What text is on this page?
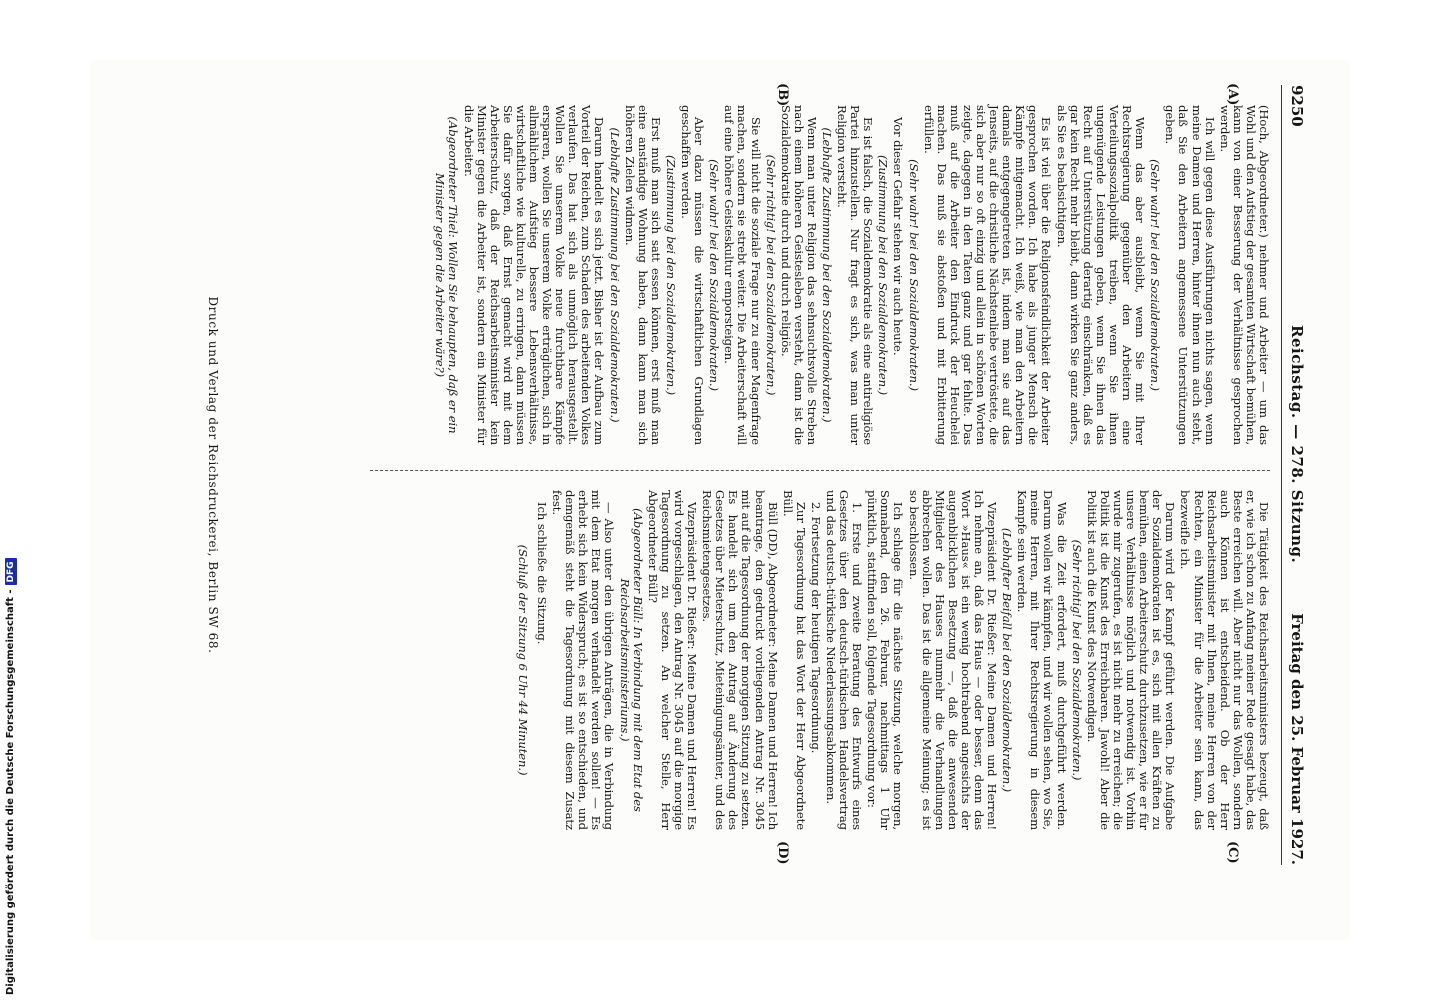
Digitalisierung gefördert durch die Deutsche Forschungsgemeinschaft -DFG
9250
Reichstag. — 278. Sitzung.
Freitag den 25. Februar 1927.
(A)
(B)
(C)
(D)

(Hoch, Abgeordneter.) nehmer und Arbeiter — um das Wohl und den Aufstieg der gesamten Wirtschaft bemühen, kann von einer Besserung der Verhältnisse gesprochen werden.

Ich will gegen diese Ausführungen nichts sagen, wenn meine Damen und Herren, hinter ihnen nun auch steht, daß Sie den Arbeitern angemessene Unterstützungen geben.

(Sehr wahr! bei den Sozialdemokraten.)

Wenn das aber ausbleibt, wenn Sie mit Ihrer Rechtsregierung gegenüber den Arbeitern eine Verteilungssozialpolitik treiben, wenn Sie ihnen ungenügende Leistungen geben, wenn Sie ihnen das Recht auf Unterstützung derartig einschränken, daß es gar kein Recht mehr bleibt, dann wirken Sie ganz anders, als Sie es beabsichtigen.

Es ist viel über die Religionsfeindlichkeit der Arbeiter gesprochen worden. Ich habe als junger Mensch die Kämpfe mitgemacht. Ich weiß, wie man den Arbeitern damals entgegengetreten ist, indem man sie auf das Jenseits, auf die christliche Nächstenliebe vertröstete, die sich aber nur so oft einzig und allein in schönen Worten zeigte, dagegen in den Taten ganz und gar fehlte. Das muß auf die Arbeiter den Eindruck der Heuchelei machen. Das muß sie abstoßen und mit Erbitterung erfüllen.

(Sehr wahr! bei den Sozialdemokraten.)

Vor dieser Gefahr stehen wir auch heute.

(Zustimmung bei den Sozialdemokraten.)

Es ist falsch, die Sozialdemokratie als eine antireligiöse Partei hinzustellen. Nur fragt es sich, was man unter Religion versteht.

(Lebhafte Zustimmung bei den Sozialdemokraten.)

Wenn man unter Religion das sehnsuchtsvolle Streben nach einem höheren Geistesleben versteht, dann ist die Sozialdemokratie durch und durch religiös.

(Sehr richtig! bei den Sozialdemokraten.)

Sie will nicht die soziale Frage nur zu einer Magenfrage machen, sondern sie strebt weiter. Die Arbeiterschaft will auf eine höhere Geisteskultur emporsteigen.

(Sehr wahr! bei den Sozialdemokraten.)

Aber dazu müssen die wirtschaftlichen Grundlagen geschaffen werden.

(Zustimmung bei den Sozialdemokraten.)

Erst muß man sich satt essen können, erst muß man eine anständige Wohnung haben, dann kann man sich höheren Zielen widmen.

(Lebhafte Zustimmung bei den Sozialdemokraten.)

Darum handelt es sich jetzt. Bisher ist der Aufbau zum Vorteil der Reichen, zum Schaden des arbeitenden Volkes verlaufen. Das hat sich als unmöglich herausgestellt. Wollen Sie unserem Volke neue furchtbare Kämpfe ersparen, wollen Sie unserem Volke erträglichen, sich in allmählichem Aufstieg bessere Lebensverhältnisse, wirtschaftliche wie kulturelle, zu erringen, dann müssen Sie dafür sorgen, daß Ernst gemacht wird mit dem Arbeiterschutz, daß der Reichsarbeitsminister kein Minister gegen die Arbeiter ist, sondern ein Minister für die Arbeiter.

(Abgeordneter Thiel: Wollen Sie behaupten, daß er ein Minister gegen die Arbeiter wäre?)

Die Tätigkeit des Reichsarbeitsministers bezeugt, daß er, wie ich schon zu Anfang meiner Rede gesagt habe, das Beste erreichen will. Aber nicht nur das Wollen, sondern auch Können ist entscheidend. Ob der Herr Reichsarbeitsminister mit Ihnen, meine Herren von der Rechten, ein Minister für die Arbeiter sein kann, das bezweifle ich.

Darum wird der Kampf geführt werden. Die Aufgabe der Sozialdemokraten ist es, sich mit allen Kräften zu bemühen, einen Arbeiterschutz durchzusetzen, wie er für unsere Verhältnisse möglich und notwendig ist. Vorhin wurde mir zugerufen, es ist nicht mehr zu erreichen; die Politik ist die Kunst des Erreichbaren. Jawohl! Aber die Politik ist auch die Kunst des Notwendigen.

(Sehr richtig! bei den Sozialdemokraten.)

Was die Zeit erfordert, muß durchgeführt werden. Darum wollen wir kämpfen, und wir wollen sehen, wo Sie, meine Herren, mit Ihrer Rechtsregierung in diesem Kampfe sein werden.

(Lebhafter Beifall bei den Sozialdemokraten.)

Vizepräsident Dr. Rießer: Meine Damen und Herren! Ich nehme an, daß das Haus — oder besser, denn das Wort »Haus« ist ein wenig hochtrabend angesichts der augenblicklichen Besetzung —, daß die anwesenden Mitglieder des Hauses nunmehr die Verhandlungen abbrechen wollen. Das ist die allgemeine Meinung; es ist so beschlossen.

Ich schlage für die nächste Sitzung, welche morgen, Sonnabend, den 26. Februar, nachmittags 1 Uhr pünktlich, stattfinden soll, folgende Tagesordnung vor:

1. Erste und zweite Beratung des Entwurfs eines Gesetzes über den deutsch-türkischen Handelsvertrag und das deutsch-türkische Niederlassungsabkommen.

2. Fortsetzung der heutigen Tagesordnung.

Zur Tagesordnung hat das Wort der Herr Abgeordnete Büll.

Büll (DD), Abgeordneter: Meine Damen und Herren! Ich beantrage, den gedruckt vorliegenden Antrag Nr. 3045 mit auf die Tagesordnung der morgigen Sitzung zu setzen. Es handelt sich um den Antrag auf Änderung des Gesetzes über Mieterschutz, Mieteinigungsämter, und des Reichsmietengesetzes.

Vizepräsident Dr. Rießer: Meine Damen und Herren! Es wird vorgeschlagen, den Antrag Nr. 3045 auf die morgige Tagesordnung zu setzen. An welcher Stelle, Herr Abgeordneter Büll?

(Abgeordneter Büll: In Verbindung mit dem Etat des Reichsarbeitsministeriums.)

— Also unter den übrigen Anträgen, die in Verbindung mit dem Etat morgen verhandelt werden sollen! — Es erhebt sich kein Widerspruch; es ist so entschieden, und demgemäß steht die Tagesordnung mit diesem Zusatz fest.

Ich schließe die Sitzung.

(Schluß der Sitzung 6 Uhr 44 Minuten.)

Druck und Verlag der Reichsdruckerei, Berlin SW 68.
